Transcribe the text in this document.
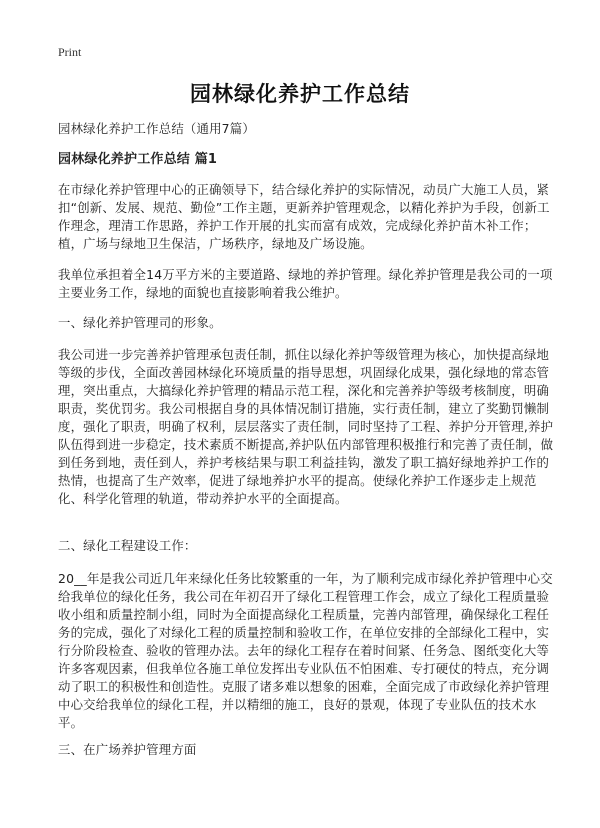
Print
园林绿化养护工作总结

园林绿化养护工作总结（通用7篇）

园林绿化养护工作总结 篇1

在市绿化养护管理中心的正确领导下，结合绿化养护的实际情况，动员广大施工人员，紧扣“创新、发展、规范、勤俭”工作主题，更新养护管理观念，以精化养护为手段，创新工作理念，理清工作思路，养护工作开展的扎实而富有成效，完成绿化养护苗木补工作；植，广场与绿地卫生保洁，广场秩序，绿地及广场设施。

我单位承担着全14万平方米的主要道路、绿地的养护管理。绿化养护管理是我公司的一项主要业务工作，绿地的面貌也直接影响着我公维护。

一、绿化养护管理司的形象。

我公司进一步完善养护管理承包责任制，抓住以绿化养护等级管理为核心，加快提高绿地等级的步伐，全面改善园林绿化环境质量的指导思想，巩固绿化成果，强化绿地的常态管理，突出重点，大搞绿化养护管理的精品示范工程，深化和完善养护等级考核制度，明确职责，奖优罚劣。我公司根据自身的具体情况制订措施，实行责任制，建立了奖勤罚懒制度，强化了职责，明确了权利，层层落实了责任制，同时坚持了工程、养护分开管理,养护队伍得到进一步稳定，技术素质不断提高,养护队伍内部管理积极推行和完善了责任制，做到任务到地，责任到人，养护考核结果与职工利益挂钩，激发了职工搞好绿地养护工作的热情，也提高了生产效率，促进了绿地养护水平的提高。使绿化养护工作逐步走上规范化、科学化管理的轨道，带动养护水平的全面提高。

二、绿化工程建设工作：

20__年是我公司近几年来绿化任务比较繁重的一年，为了顺利完成市绿化养护管理中心交给我单位的绿化任务，我公司在年初召开了绿化工程管理工作会，成立了绿化工程质量验收小组和质量控制小组，同时为全面提高绿化工程质量，完善内部管理，确保绿化工程任务的完成，强化了对绿化工程的质量控制和验收工作，在单位安排的全部绿化工程中，实行分阶段检查、验收的管理办法。去年的绿化工程存在着时间紧、任务急、图纸变化大等许多客观因素，但我单位各施工单位发挥出专业队伍不怕困难、专打硬仗的特点，充分调动了职工的积极性和创造性。克服了诸多难以想象的困难，全面完成了市政绿化养护管理中心交给我单位的绿化工程，并以精细的施工，良好的景观，体现了专业队伍的技术水平。

三、在广场养护管理方面
